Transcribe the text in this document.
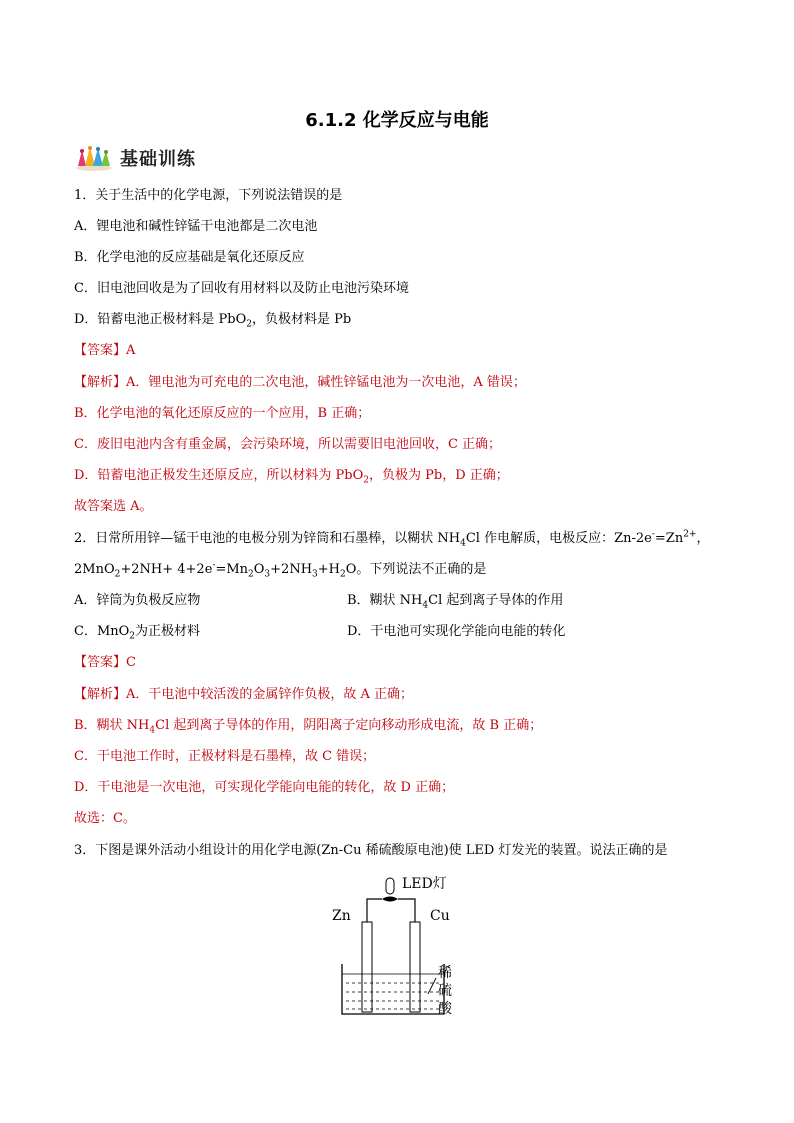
6.1.2 化学反应与电能
基础训练
1．关于生活中的化学电源，下列说法错误的是
A．锂电池和碱性锌锰干电池都是二次电池
B．化学电池的反应基础是氧化还原反应
C．旧电池回收是为了回收有用材料以及防止电池污染环境
D．铅蓄电池正极材料是 PbO$_2$，负极材料是 Pb
【答案】A
【解析】A．锂电池为可充电的二次电池，碱性锌锰电池为一次电池，A 错误；
B．化学电池的氧化还原反应的一个应用，B 正确；
C．废旧电池内含有重金属，会污染环境，所以需要旧电池回收，C 正确；
D．铅蓄电池正极发生还原反应，所以材料为 PbO$_2$，负极为 Pb，D 正确；
故答案选 A。
2．日常所用锌—锰干电池的电极分别为锌筒和石墨棒，以糊状 $NH_4Cl$ 作电解质，电极反应：$Zn-2e^-=Zn^{2+}$，
$2MnO_2+2NH+ 4+2e^-=Mn_2O_3+2NH_3+H_2O$。下列说法不正确的是
A．锌筒为负极反应物	B．糊状 $NH_4Cl$ 起到离子导体的作用
C．MnO$_2$为正极材料	D．干电池可实现化学能向电能的转化
【答案】C
【解析】A．干电池中较活泼的金属锌作负极，故 A 正确；
B．糊状 $NH_4Cl$ 起到离子导体的作用，阴阳离子定向移动形成电流，故 B 正确；
C．干电池工作时，正极材料是石墨棒，故 C 错误；
D．干电池是一次电池，可实现化学能向电能的转化，故 D 正确；
故选：C。
3．下图是课外活动小组设计的用化学电源(Zn-Cu 稀硫酸原电池)使 LED 灯发光的装置。说法正确的是
LED灯
Zn	Cu
稀
硫
酸
